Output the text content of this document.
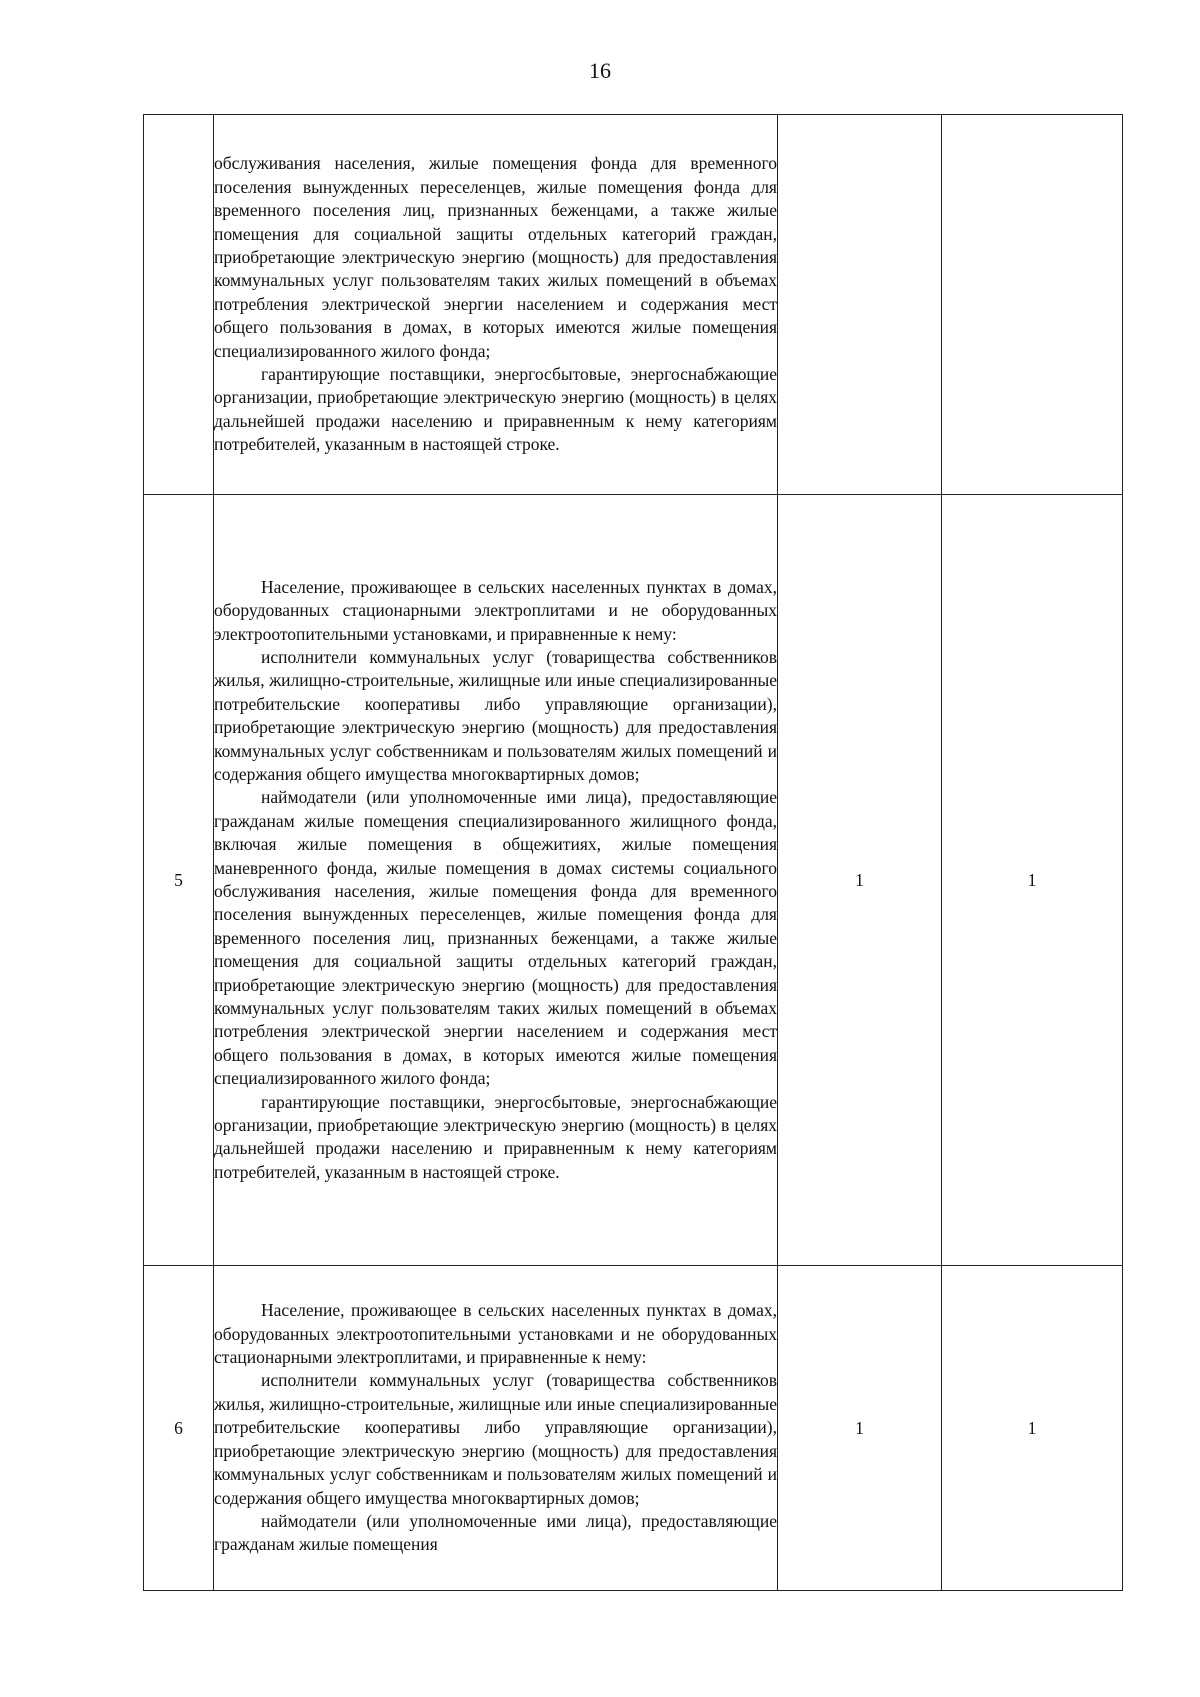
16

	обслуживания населения, жилые помещения фонда для временного поселения вынужденных переселенцев, жилые помещения фонда для временного поселения лиц, признанных беженцами, а также жилые помещения для социальной защиты отдельных категорий граждан, приобретающие электрическую энергию (мощность) для предоставления коммунальных услуг пользователям таких жилых помещений в объемах потребления электрической энергии населением и содержания мест общего пользования в домах, в которых имеются жилые помещения специализированного жилого фонда;

гарантирующие поставщики, энергосбытовые, энергоснабжающие организации, приобретающие электрическую энергию (мощность) в целях дальнейшей продажи населению и приравненным к нему категориям потребителей, указанным в настоящей строке.		

5	Население, проживающее в сельских населенных пунктах в домах, оборудованных стационарными электроплитами и не оборудованных электроотопительными установками, и приравненные к нему:

исполнители коммунальных услуг (товарищества собственников жилья, жилищно-строительные, жилищные или иные специализированные потребительские кооперативы либо управляющие организации), приобретающие электрическую энергию (мощность) для предоставления коммунальных услуг собственникам и пользователям жилых помещений и содержания общего имущества многоквартирных домов;

наймодатели (или уполномоченные ими лица), предоставляющие гражданам жилые помещения специализированного жилищного фонда, включая жилые помещения в общежитиях, жилые помещения маневренного фонда, жилые помещения в домах системы социального обслуживания населения, жилые помещения фонда для временного поселения вынужденных переселенцев, жилые помещения фонда для временного поселения лиц, признанных беженцами, а также жилые помещения для социальной защиты отдельных категорий граждан, приобретающие электрическую энергию (мощность) для предоставления коммунальных услуг пользователям таких жилых помещений в объемах потребления электрической энергии населением и содержания мест общего пользования в домах, в которых имеются жилые помещения специализированного жилого фонда;

гарантирующие поставщики, энергосбытовые, энергоснабжающие организации, приобретающие электрическую энергию (мощность) в целях дальнейшей продажи населению и приравненным к нему категориям потребителей, указанным в настоящей строке.	1	1
6	Население, проживающее в сельских населенных пунктах в домах, оборудованных электроотопительными установками и не оборудованных стационарными электроплитами, и приравненные к нему:

исполнители коммунальных услуг (товарищества собственников жилья, жилищно-строительные, жилищные или иные специализированные потребительские кооперативы либо управляющие организации), приобретающие электрическую энергию (мощность) для предоставления коммунальных услуг собственникам и пользователям жилых помещений и содержания общего имущества многоквартирных домов;

наймодатели (или уполномоченные ими лица), предоставляющие гражданам жилые помещения	1	1
